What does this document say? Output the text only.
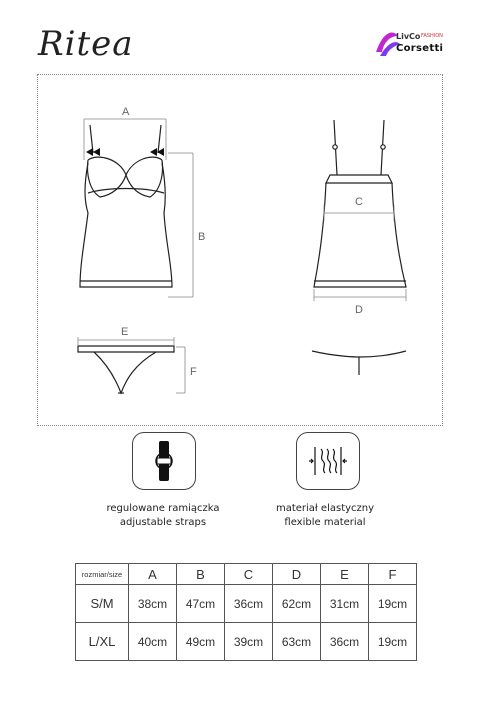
Ritea	LivCo FASHION
Corsetti
A
B
C
D
E
F
regulowane ramiączka
adjustable straps
materiał elastyczny
flexible material
rozmiar/size	A	B	C	D	E	F
S/M	38cm	47cm	36cm	62cm	31cm	19cm
L/XL	40cm	49cm	39cm	63cm	36cm	19cm
